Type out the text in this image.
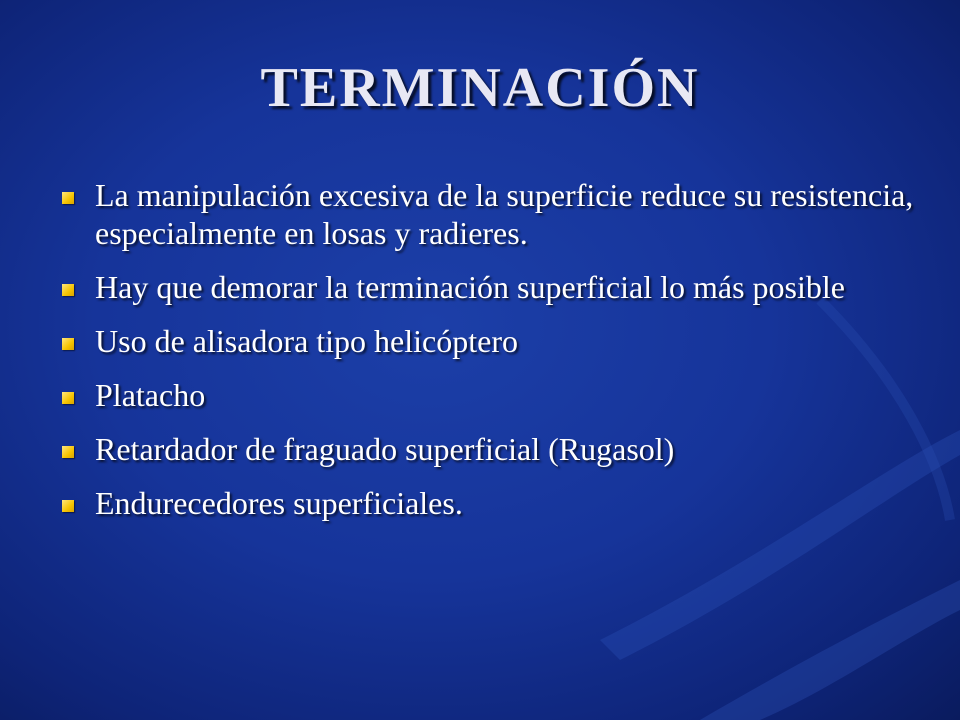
TERMINACIÓN
La manipulación excesiva de la superficie reduce su resistencia, especialmente en losas y radieres.
Hay que demorar la terminación superficial lo más posible
Uso de alisadora tipo helicóptero
Platacho
Retardador de fraguado superficial (Rugasol)
Endurecedores superficiales.
